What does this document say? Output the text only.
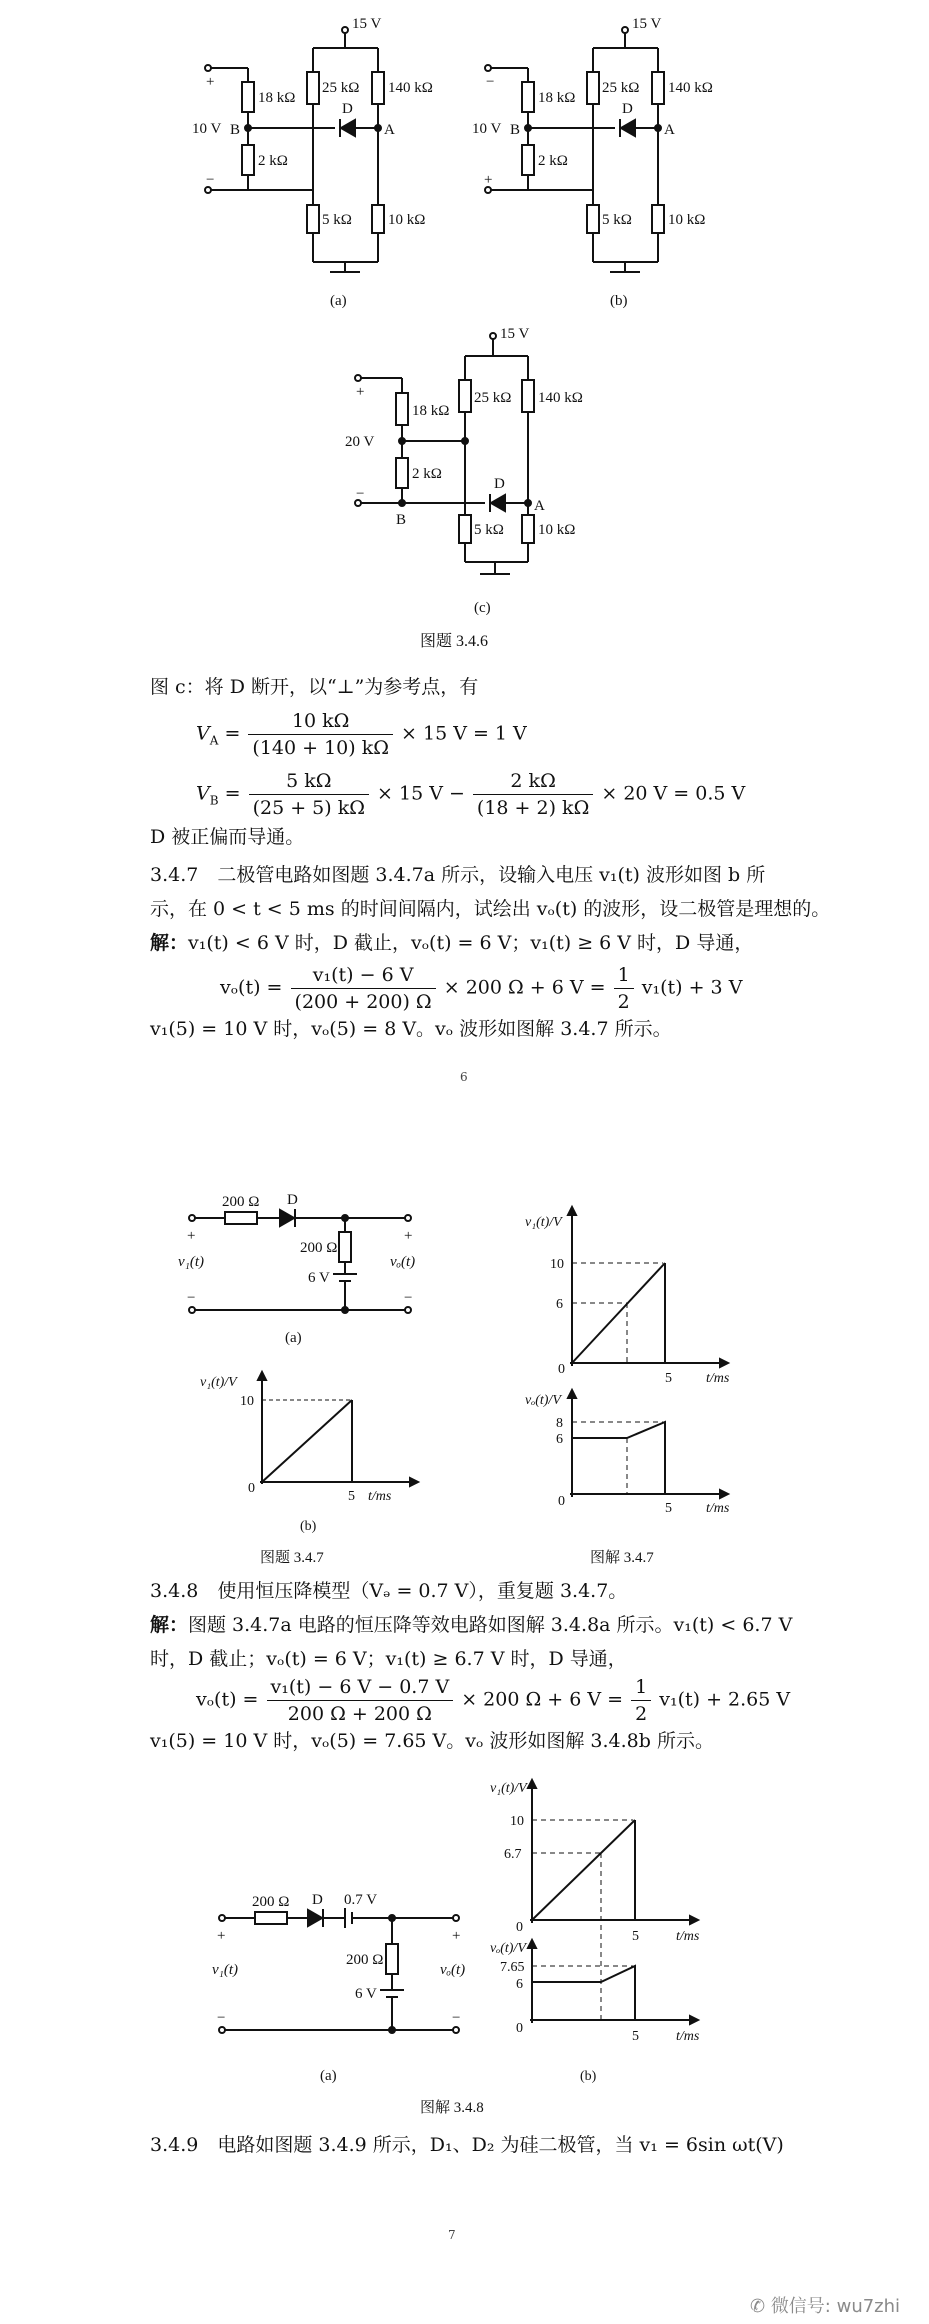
15 V
18 kΩ
2 kΩ
25 kΩ
5 kΩ
140 kΩ
10 kΩ
D
10 V	A
B
+
−
(a)
15 V
18 kΩ
2 kΩ
25 kΩ
5 kΩ
140 kΩ
10 kΩ
D
10 V	A
B
−
+
(b)
15 V
18 kΩ
2 kΩ
25 kΩ
5 kΩ
140 kΩ
10 kΩ
D
20 V
A
B
+
−
(c)
图题 3.4.6
图 c：将 D 断开，以“⊥”为参考点，有
$V_A = \frac{10 k\Omega}{(140 + 10) k\Omega} \times 15$ V = 1 V
$V_B = \frac{5 k\Omega}{(25 + 5) k\Omega} \times 15$ $V - \frac{2 k\Omega}{(18 + 2) k\Omega} \times 20$ V = 0.5 V
D 被正偏而导通。
3.4.7　二极管电路如图题 3.4.7a 所示，设输入电压 v₁(t) 波形如图 b 所
示，在 0 < t < 5 ms 的时间间隔内，试绘出 vₒ(t) 的波形，设二极管是理想的。
解：v₁(t) < 6 V 时，D 截止，vₒ(t) = 6 V；v₁(t) ≥ 6 V 时，D 导通，
$v_o(t) = \frac{\text{v₁(t) − 6 V}}{(200 + 200) \Omega} \times 200$ Ω + 6 $V = \frac{1}{2} v_1(t) + 3$ V
v₁(5) = 10 V 时，vₒ(5) = 8 V。vₒ 波形如图解 3.4.7 所示。
6
200 Ω D
200 Ω
6 V
v₁(t)	vₒ(t)
+
−
+
−
(a)
v₁(t)/V
10
0
5 t/ms
(b)
v₁(t)/V
10
6
0
5 t/ms
vₒ(t)/V
8
6
0	5 t/ms
图题 3.4.7	图解 3.4.7
200 Ω D 0.7 V
200 Ω
6 V
v₁(t)	vₒ(t)
+
−
+
−
(a)
v₁(t)/V
10
6.7
0
5	t/ms
vₒ(t)/V
7.65
6
0
5	t/ms
(b)
图解 3.4.8
3.4.8　使用恒压降模型（Vₔ = 0.7 V），重复题 3.4.7。
解：图题 3.4.7a 电路的恒压降等效电路如图解 3.4.8a 所示。v₁(t) < 6.7 V
时，D 截止；vₒ(t) = 6 V；v₁(t) ≥ 6.7 V 时，D 导通，
$v_o(t) = \frac{\text{v₁(t) − 6 V − 0.7 V}}{200 \Omega + 200 \Omega} \times 200$ Ω + 6 $V = \frac{1}{2} v_1(t) + 2.65$ V
v₁(5) = 10 V 时，vₒ(5) = 7.65 V。vₒ 波形如图解 3.4.8b 所示。
3.4.9　电路如图题 3.4.9 所示，D₁、D₂ 为硅二极管，当 v₁ = 6sin ωt(V)
7
✆ 微信号: wu7zhi
